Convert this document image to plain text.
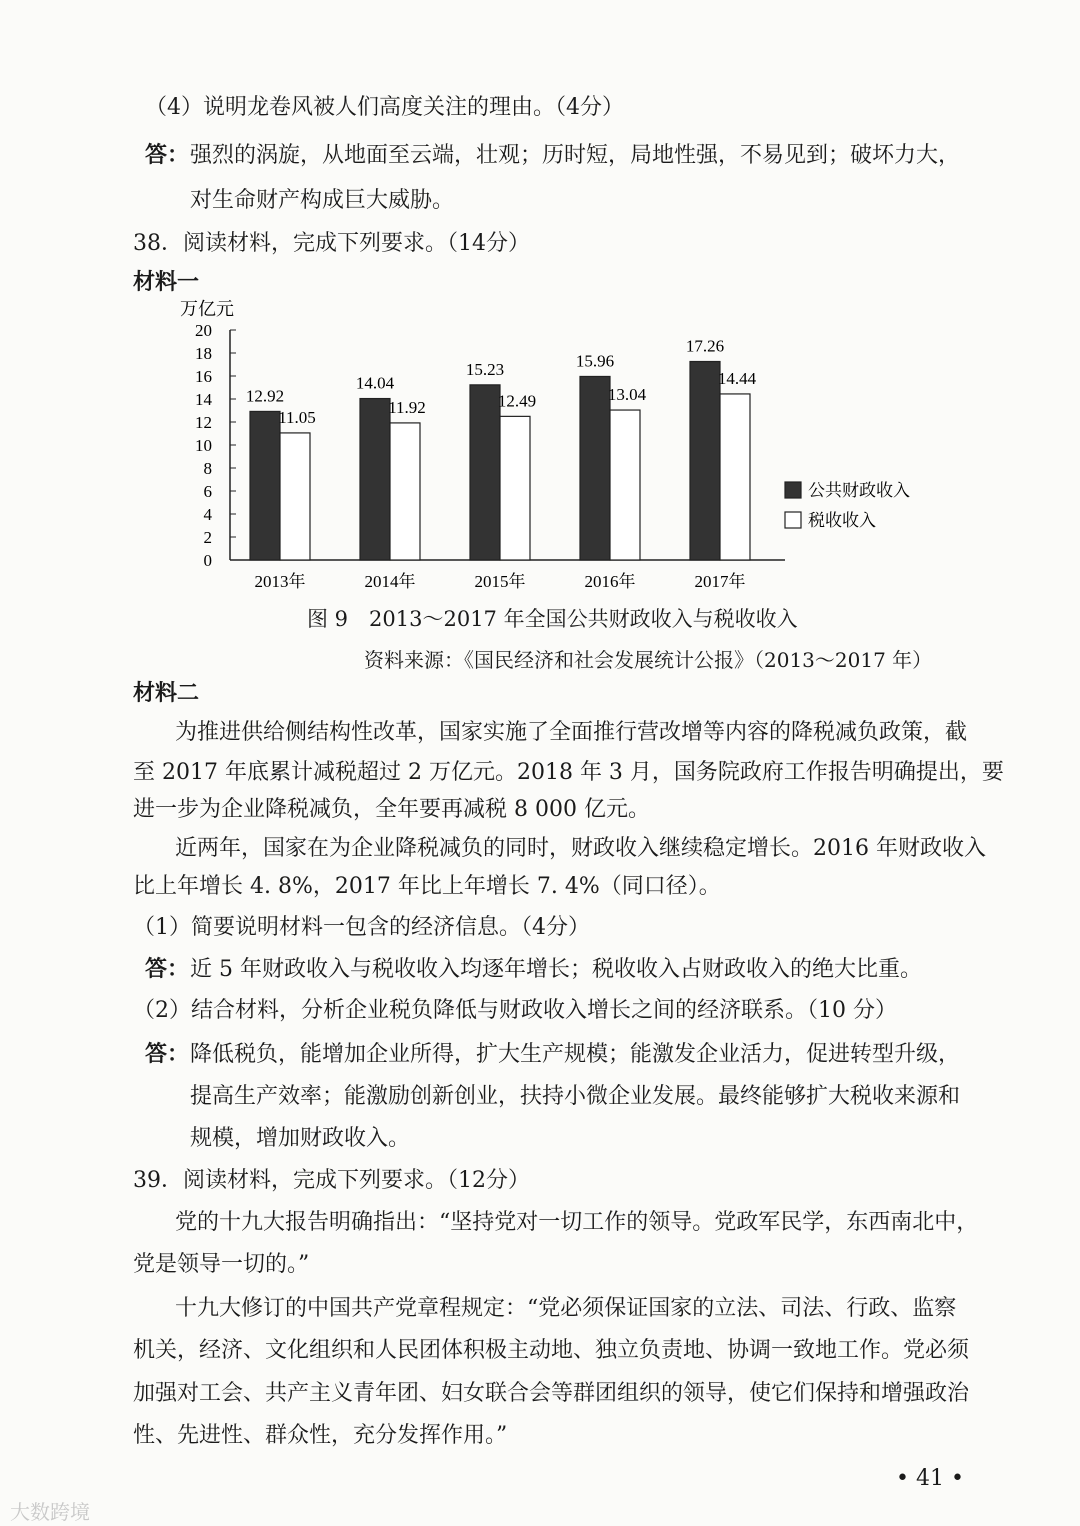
（4）说明龙卷风被人们高度关注的理由。（4分）
答： 强烈的涡旋，从地面至云端，壮观；历时短，局地性强，不易见到；破坏力大，
对生命财产构成巨大威胁。
38．阅读材料，完成下列要求。（14分）
材料一
万亿元
0
2
4
6
8
10
12
14
16
18
20
2013年	2014年	2015年	2016年	2017年
12.92
11.05
14.04
11.92
15.23
12.49
15.96
13.04
17.26
14.44
公共财政收入
税收收入
图 9　2013～2017 年全国公共财政收入与税收收入
资料来源：《国民经济和社会发展统计公报》（2013～2017 年）
材料二
为推进供给侧结构性改革，国家实施了全面推行营改增等内容的降税减负政策，截
至 2017 年底累计减税超过 2 万亿元。2018 年 3 月，国务院政府工作报告明确提出，要
进一步为企业降税减负，全年要再减税 8 000 亿元。
近两年，国家在为企业降税减负的同时，财政收入继续稳定增长。2016 年财政收入
比上年增长 4. 8%，2017 年比上年增长 7. 4%（同口径）。
（1）简要说明材料一包含的经济信息。（4分）
答： 近 5 年财政收入与税收收入均逐年增长；税收收入占财政收入的绝大比重。
（2）结合材料，分析企业税负降低与财政收入增长之间的经济联系。（10 分）
答： 降低税负，能增加企业所得，扩大生产规模；能激发企业活力，促进转型升级，
提高生产效率；能激励创新创业，扶持小微企业发展。最终能够扩大税收来源和
规模，增加财政收入。
39．阅读材料，完成下列要求。（12分）
党的十九大报告明确指出：“坚持党对一切工作的领导。党政军民学，东西南北中，
党是领导一切的。”
十九大修订的中国共产党章程规定：“党必须保证国家的立法、司法、行政、监察
机关，经济、文化组织和人民团体积极主动地、独立负责地、协调一致地工作。党必须
加强对工会、共产主义青年团、妇女联合会等群团组织的领导，使它们保持和增强政治
性、先进性、群众性，充分发挥作用。”
• 41 •
大数跨境
